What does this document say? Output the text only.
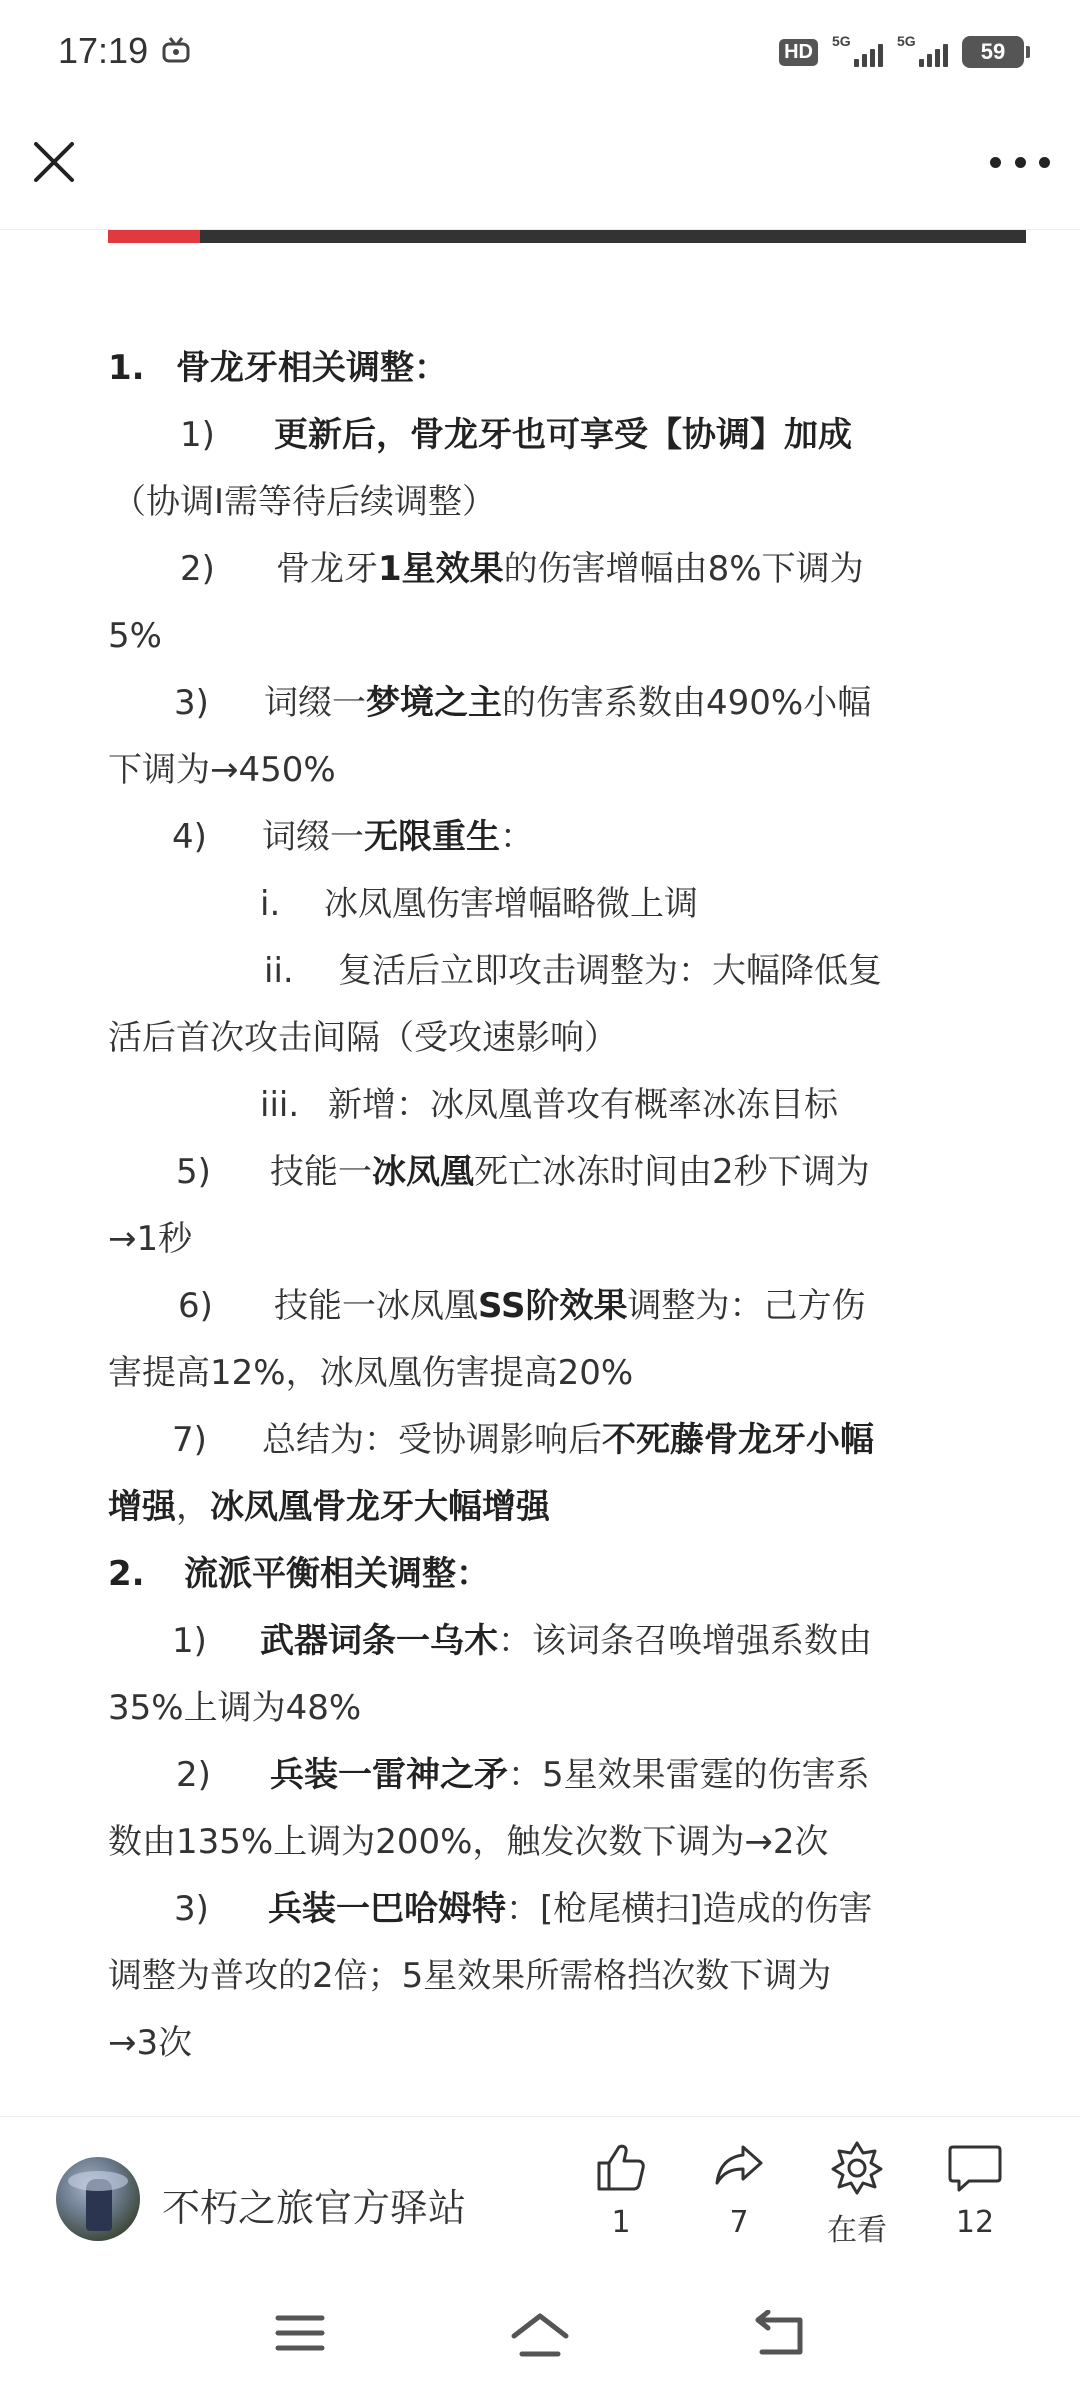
17:19	HD	5G	5G	59
1. 骨龙牙相关调整：
1) 更新后，骨龙牙也可享受【协调】加成
（协调I需等待后续调整）
2) 骨龙牙1星效果的伤害增幅由8%下调为
5%
3) 词缀一梦境之主的伤害系数由490%小幅
下调为→450%
4) 词缀一无限重生：
i. 冰凤凰伤害增幅略微上调
ii. 复活后立即攻击调整为：大幅降低复
活后首次攻击间隔（受攻速影响）
iii. 新增：冰凤凰普攻有概率冰冻目标
5) 技能一冰凤凰死亡冰冻时间由2秒下调为
→1秒
6) 技能一冰凤凰SS阶效果调整为：己方伤
害提高12%，冰凤凰伤害提高20%
7) 总结为：受协调影响后不死藤骨龙牙小幅
增强，冰凤凰骨龙牙大幅增强
2. 流派平衡相关调整：
1) 武器词条一乌木：该词条召唤增强系数由
35%上调为48%
2) 兵装一雷神之矛：5星效果雷霆的伤害系
数由135%上调为200%，触发次数下调为→2次
3) 兵装一巴哈姆特：[枪尾横扫]造成的伤害
调整为普攻的2倍；5星效果所需格挡次数下调为
→3次
不朽之旅官方驿站	1	7	在看	12
